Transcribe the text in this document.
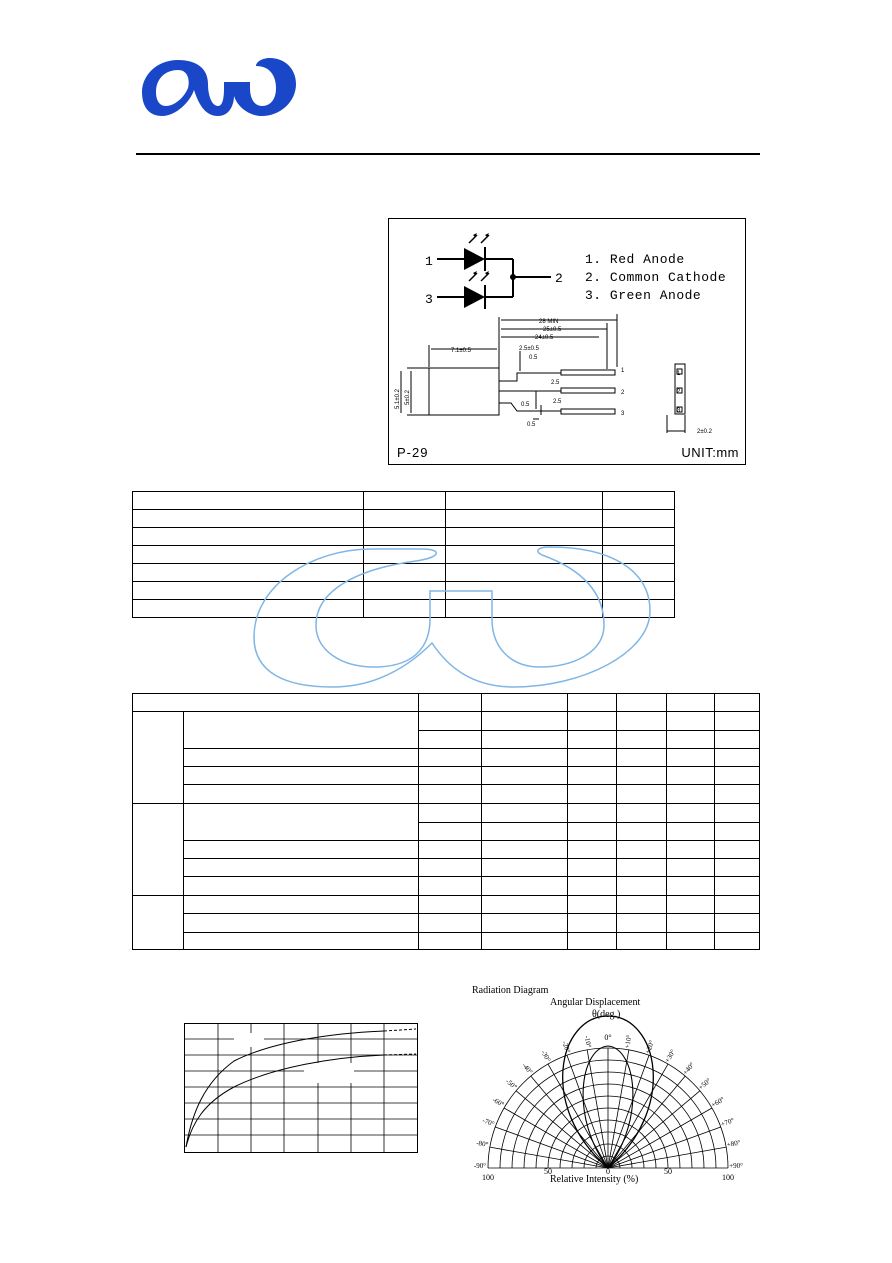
1
3
2
28 MIN
25±0.5
24±0.5
7.1±0.5	2.5±0.5
0.5
2.5
0.5	2.5
0.5
5.1±0.2 5±0.2
2±0.2
1
2
3
1
2
3
1. Red Anode
2. Common Cathode
3. Green Anode
P-29	UNIT:mm

Radiation Diagram
Angular Displacement
θ(deg.)
-10°
-20°
-30°
-40°
-50°
-60°
-70°
-80°
-90°
+10° +20°
+30°
+40°
+50°
+60°
+70°
+80°
+90°
0°
100
50	0	50
100
Relative Intensity (%)
